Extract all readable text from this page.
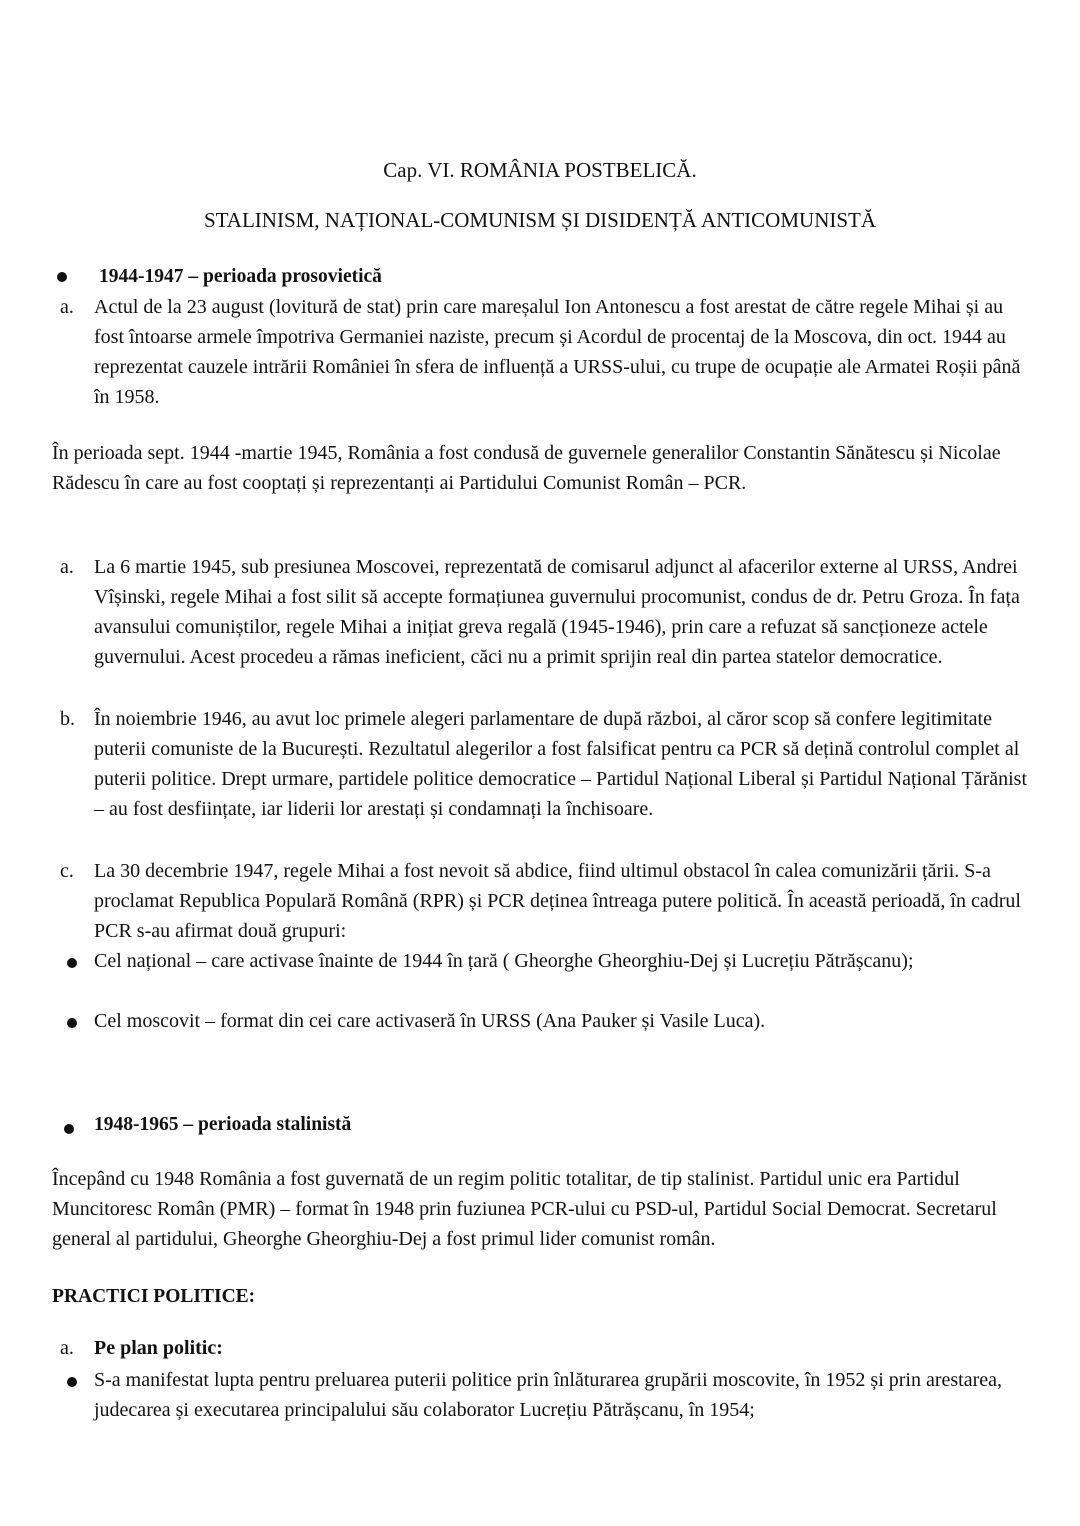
Cap. VI. ROMÂNIA POSTBELICĂ.
STALINISM, NAȚIONAL-COMUNISM ȘI DISIDENȚĂ ANTICOMUNISTĂ
1944-1947 – perioada prosovietică
a.	Actul de la 23 august (lovitură de stat) prin care mareșalul Ion Antonescu a fost arestat de către regele Mihai și au fost întoarse armele împotriva Germaniei naziste, precum și Acordul de procentaj de la Moscova, din oct. 1944 au reprezentat cauzele intrării României în sfera de influență a URSS-ului, cu trupe de ocupație ale Armatei Roșii până în 1958.
În perioada sept. 1944 -martie 1945, România a fost condusă de guvernele generalilor Constantin Sănătescu și Nicolae Rădescu în care au fost cooptați și reprezentanți ai Partidului Comunist Român – PCR.
a.	La 6 martie 1945, sub presiunea Moscovei, reprezentată de comisarul adjunct al afacerilor externe al URSS, Andrei Vîșinski, regele Mihai a fost silit să accepte formațiunea guvernului procomunist, condus de dr. Petru Groza. În fața avansului comuniștilor, regele Mihai a inițiat greva regală (1945-1946), prin care a refuzat să sancționeze actele guvernului. Acest procedeu a rămas ineficient, căci nu a primit sprijin real din partea statelor democratice.
b. În noiembrie 1946, au avut loc primele alegeri parlamentare de după război, al căror scop să confere legitimitate puterii comuniste de la București. Rezultatul alegerilor a fost falsificat pentru ca PCR să dețină controlul complet al puterii politice. Drept urmare, partidele politice democratice – Partidul Național Liberal și Partidul Național Țărănist – au fost desființate, iar liderii lor arestați și condamnați la închisoare.
c.	La 30 decembrie 1947, regele Mihai a fost nevoit să abdice, fiind ultimul obstacol în calea comunizării țării. S-a proclamat Republica Populară Română (RPR) și PCR deținea întreaga putere politică. În această perioadă, în cadrul PCR s-au afirmat două grupuri:
Cel național – care activase înainte de 1944 în țară ( Gheorghe Gheorghiu-Dej și Lucrețiu Pătrășcanu);
Cel moscovit – format din cei care activaseră în URSS (Ana Pauker și Vasile Luca).
1948-1965 – perioada stalinistă
Începând cu 1948 România a fost guvernată de un regim politic totalitar, de tip stalinist. Partidul unic era Partidul Muncitoresc Român (PMR) – format în 1948 prin fuziunea PCR-ului cu PSD-ul, Partidul Social Democrat. Secretarul general al partidului, Gheorghe Gheorghiu-Dej a fost primul lider comunist român.
PRACTICI POLITICE:
a.	Pe plan politic:
S-a manifestat lupta pentru preluarea puterii politice prin înlăturarea grupării moscovite, în 1952 și prin arestarea, judecarea și executarea principalului său colaborator Lucrețiu Pătrășcanu, în 1954;
